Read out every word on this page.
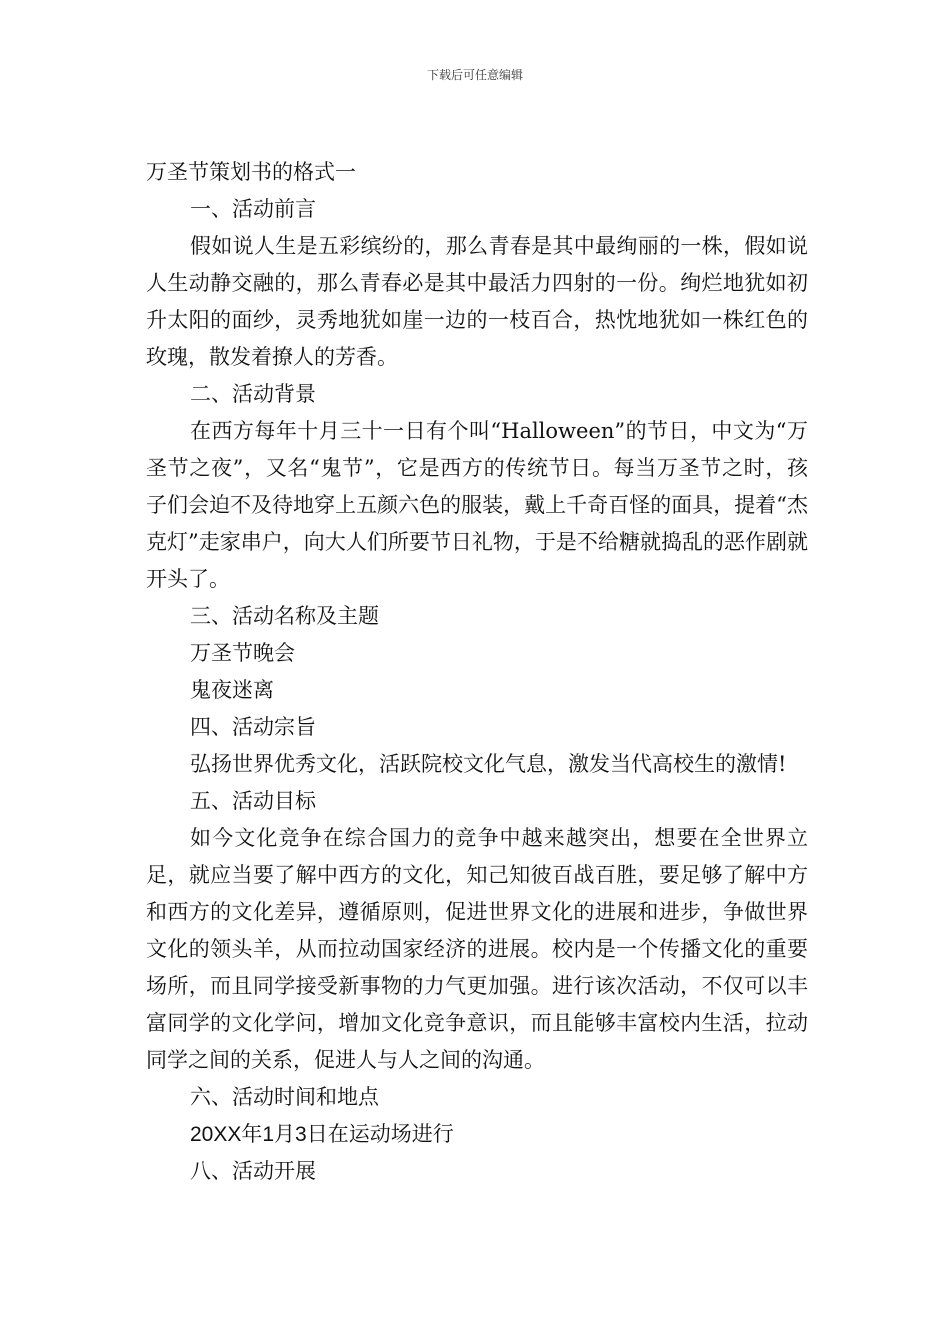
下载后可任意编辑

万圣节策划书的格式一

一、活动前言

假如说人生是五彩缤纷的，那么青春是其中最绚丽的一株，假如说人生动静交融的，那么青春必是其中最活力四射的一份。绚烂地犹如初升太阳的面纱，灵秀地犹如崖一边的一枝百合，热忱地犹如一株红色的玫瑰，散发着撩人的芳香。

二、活动背景

在西方每年十月三十一日有个叫“Halloween”的节日，中文为“万圣节之夜”，又名“鬼节”，它是西方的传统节日。每当万圣节之时，孩子们会迫不及待地穿上五颜六色的服装，戴上千奇百怪的面具，提着“杰克灯”走家串户，向大人们所要节日礼物，于是不给糖就捣乱的恶作剧就开头了。

三、活动名称及主题

万圣节晚会

鬼夜迷离

四、活动宗旨

弘扬世界优秀文化，活跃院校文化气息，激发当代高校生的激情!

五、活动目标

如今文化竞争在综合国力的竞争中越来越突出，想要在全世界立足，就应当要了解中西方的文化，知己知彼百战百胜，要足够了解中方和西方的文化差异，遵循原则，促进世界文化的进展和进步，争做世界文化的领头羊，从而拉动国家经济的进展。校内是一个传播文化的重要场所，而且同学接受新事物的力气更加强。进行该次活动，不仅可以丰富同学的文化学问，增加文化竞争意识，而且能够丰富校内生活，拉动同学之间的关系，促进人与人之间的沟通。

六、活动时间和地点

20XX年1月3日在运动场进行

八、活动开展
